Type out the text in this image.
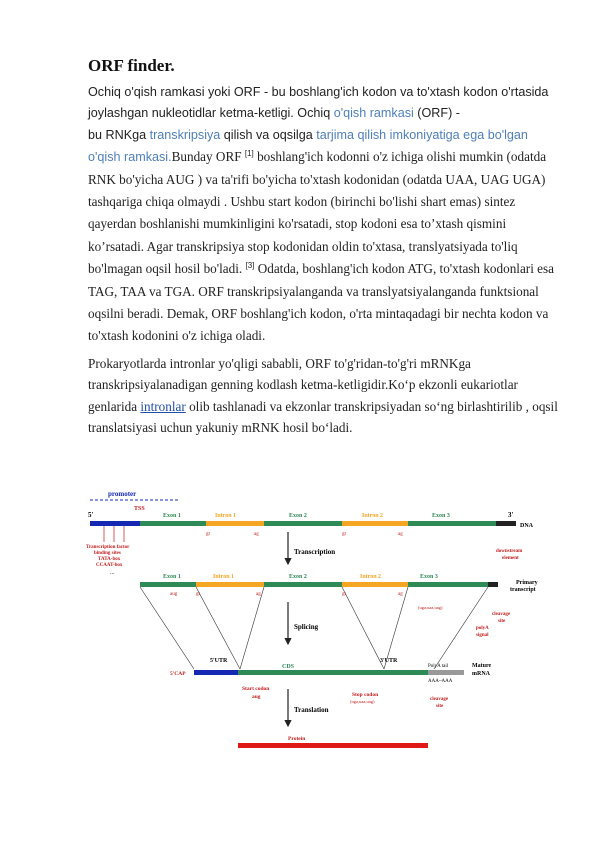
ORF finder.

Ochiq o'qish ramkasi yoki ORF - bu boshlang'ich kodon va to'xtash kodon o'rtasida joylashgan nukleotidlar ketma-ketligi. Ochiq o'qish ramkasi (ORF) -
bu RNKga transkripsiya qilish va oqsilga tarjima qilish imkoniyatiga ega bo'lgan o'qish ramkasi.Bunday ORF [1] boshlang'ich kodonni o'z ichiga olishi mumkin (odatda RNK bo'yicha AUG ) va ta'rifi bo'yicha to'xtash kodonidan (odatda UAA, UAG UGA) tashqariga chiqa olmaydi . Ushbu start kodon (birinchi bo'lishi shart emas) sintez qayerdan boshlanishi mumkinligini ko'rsatadi, stop kodoni esa to’xtash qismini ko’rsatadi. Agar transkripsiya stop kodonidan oldin to'xtasa, translyatsiyada to'liq bo'lmagan oqsil hosil bo'ladi. [3] Odatda, boshlang'ich kodon ATG, to'xtash kodonlari esa TAG, TAA va TGA. ORF transkripsiyalanganda va translyatsiyalanganda funktsional oqsilni beradi. Demak, ORF boshlang'ich kodon, o'rta mintaqadagi bir nechta kodon va to'xtash kodonini o'z ichiga oladi.

Prokaryotlarda intronlar yo'qligi sababli, ORF to'g'ridan-to'g'ri mRNKga transkripsiyalanadigan genning kodlash ketma-ketligidir.Ko‘p ekzonli eukariotlar genlarida intronlar olib tashlanadi va ekzonlar transkripsiyadan so‘ng birlashtirilib , oqsil translatsiyasi uchun yakuniy mRNK hosil bo‘ladi.

promoter
TSS
5'	Exon 1	Intron 1	Exon 2	Intron 2	Exon 3	3'
DNA
gt	ag	gt	ag
Transcription factor
binding sites
TATA-box
CCAAT-box
...
Transcription	downstream
element
Exon 1	Intron 1	Exon 2	Intron 2	Exon 3
Primary
transcript
aug	gt	ag	gt	ag
(uga,uaa,uag)
cleavage
site
polyA
signal
Splicing
5'UTR
CDS
3'UTR
5'CAP
PolyA tail
AAA~AAA
Mature
mRNA
Start codon
aug	Stop codon
(uga,uaa,uag)	cleavage
site
Translation
Protein
